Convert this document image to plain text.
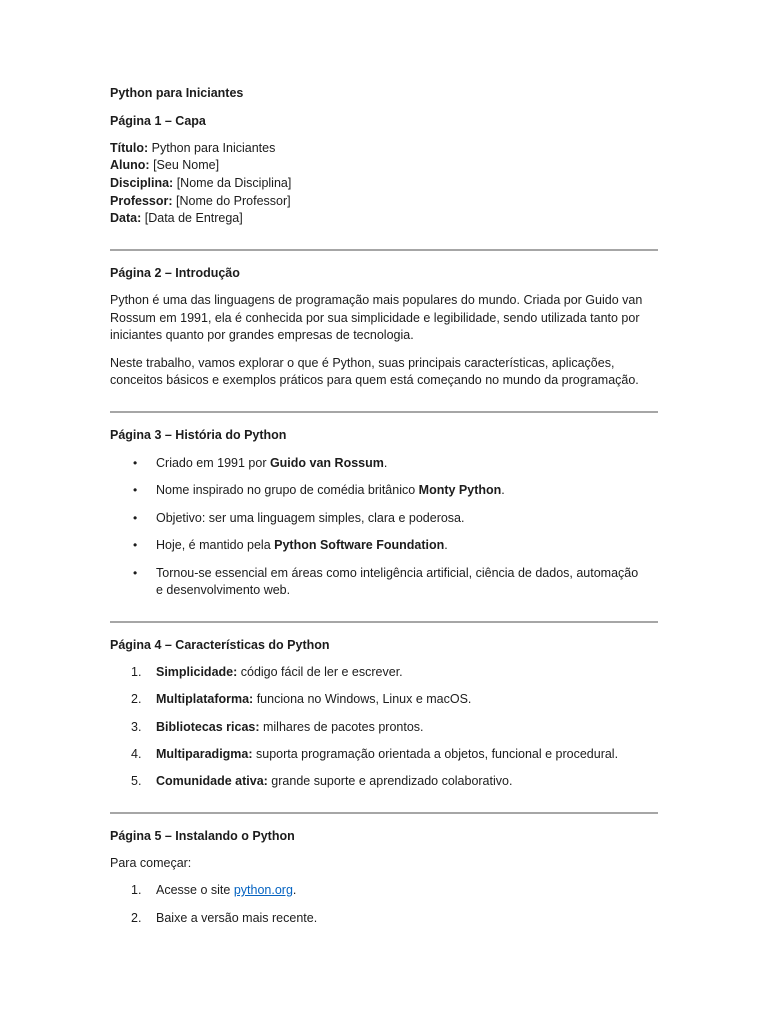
Python para Iniciantes
Página 1 – Capa
Título: Python para Iniciantes
Aluno: [Seu Nome]
Disciplina: [Nome da Disciplina]
Professor: [Nome do Professor]
Data: [Data de Entrega]
Página 2 – Introdução
Python é uma das linguagens de programação mais populares do mundo. Criada por Guido van
Rossum em 1991, ela é conhecida por sua simplicidade e legibilidade, sendo utilizada tanto por
iniciantes quanto por grandes empresas de tecnologia.
Neste trabalho, vamos explorar o que é Python, suas principais características, aplicações,
conceitos básicos e exemplos práticos para quem está começando no mundo da programação.
Página 3 – História do Python
• Criado em 1991 por Guido van Rossum.
• Nome inspirado no grupo de comédia britânico Monty Python.
• Objetivo: ser uma linguagem simples, clara e poderosa.
• Hoje, é mantido pela Python Software Foundation.
• Tornou-se essencial em áreas como inteligência artificial, ciência de dados, automação
e desenvolvimento web.
Página 4 – Características do Python
1. Simplicidade: código fácil de ler e escrever.
2. Multiplataforma: funciona no Windows, Linux e macOS.
3. Bibliotecas ricas: milhares de pacotes prontos.
4. Multiparadigma: suporta programação orientada a objetos, funcional e procedural.
5. Comunidade ativa: grande suporte e aprendizado colaborativo.
Página 5 – Instalando o Python
Para começar:
1. Acesse o site python.org.
2. Baixe a versão mais recente.
